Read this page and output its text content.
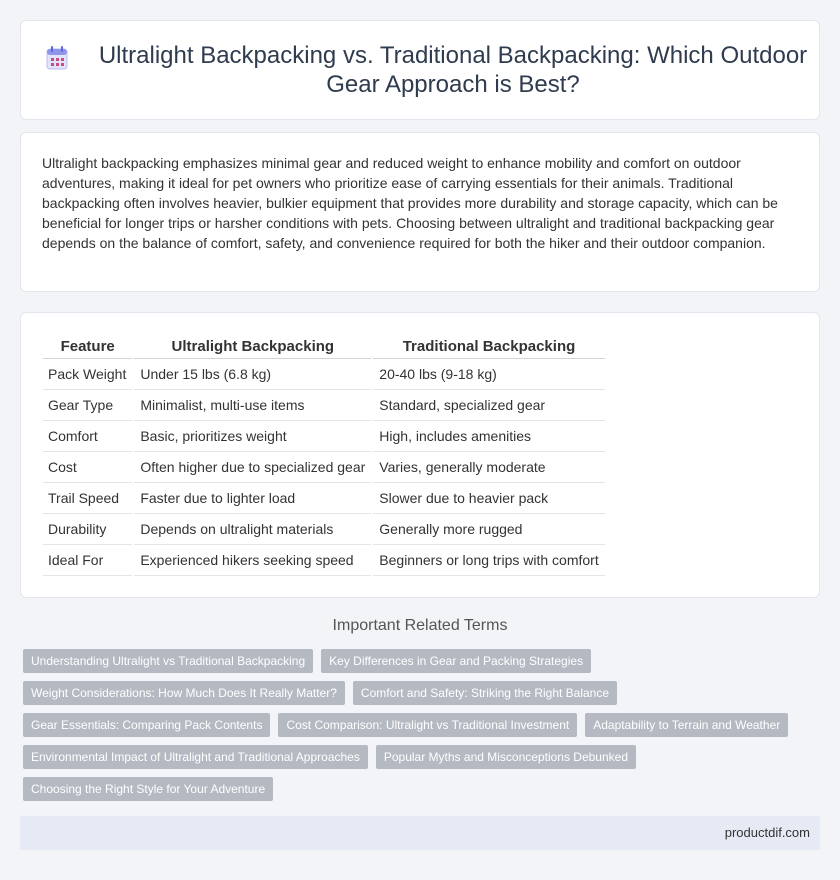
Ultralight Backpacking vs. Traditional Backpacking: Which Outdoor Gear Approach is Best?

Ultralight backpacking emphasizes minimal gear and reduced weight to enhance mobility and comfort on outdoor adventures, making it ideal for pet owners who prioritize ease of carrying essentials for their animals. Traditional backpacking often involves heavier, bulkier equipment that provides more durability and storage capacity, which can be beneficial for longer trips or harsher conditions with pets. Choosing between ultralight and traditional backpacking gear depends on the balance of comfort, safety, and convenience required for both the hiker and their outdoor companion.

Feature	Ultralight Backpacking	Traditional Backpacking
Pack Weight	Under 15 lbs (6.8 kg)	20-40 lbs (9-18 kg)
Gear Type	Minimalist, multi-use items	Standard, specialized gear
Comfort	Basic, prioritizes weight	High, includes amenities
Cost	Often higher due to specialized gear	Varies, generally moderate
Trail Speed	Faster due to lighter load	Slower due to heavier pack
Durability	Depends on ultralight materials	Generally more rugged
Ideal For	Experienced hikers seeking speed	Beginners or long trips with comfort
Important Related Terms
Understanding Ultralight vs Traditional Backpacking	Key Differences in Gear and Packing Strategies
Weight Considerations: How Much Does It Really Matter?	Comfort and Safety: Striking the Right Balance
Gear Essentials: Comparing Pack Contents	Cost Comparison: Ultralight vs Traditional Investment	Adaptability to Terrain and Weather
Environmental Impact of Ultralight and Traditional Approaches	Popular Myths and Misconceptions Debunked
Choosing the Right Style for Your Adventure
productdif.com
